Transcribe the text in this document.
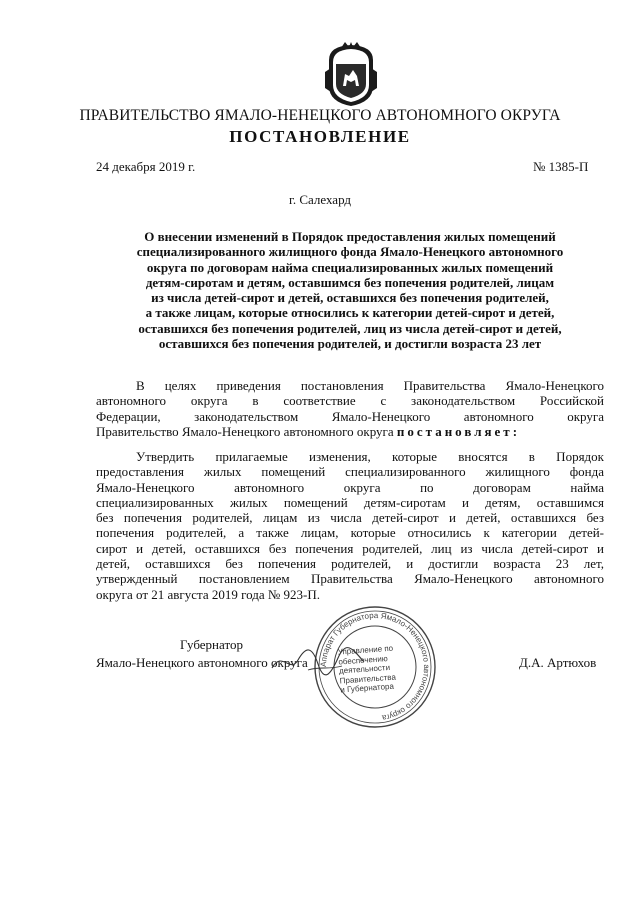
ПРАВИТЕЛЬСТВО ЯМАЛО-НЕНЕЦКОГО АВТОНОМНОГО ОКРУГА
ПОСТАНОВЛЕНИЕ
24 декабря 2019 г.	№ 1385-П
г. Салехард
О внесении изменений в Порядок предоставления жилых помещений
специализированного жилищного фонда Ямало-Ненецкого автономного
округа по договорам найма специализированных жилых помещений
детям-сиротам и детям, оставшимся без попечения родителей, лицам
из числа детей-сирот и детей, оставшихся без попечения родителей,
а также лицам, которые относились к категории детей-сирот и детей,
оставшихся без попечения родителей, лиц из числа детей-сирот и детей,
оставшихся без попечения родителей, и достигли возраста 23 лет
В целях приведения постановления Правительства Ямало-Ненецкого
автономного округа в соответствие с законодательством Российской
Федерации, законодательством Ямало-Ненецкого автономного округа
Правительство Ямало-Ненецкого автономного округа постановляет:
Утвердить прилагаемые изменения, которые вносятся в Порядок
предоставления жилых помещений специализированного жилищного фонда
Ямало-Ненецкого автономного округа по договорам найма
специализированных жилых помещений детям-сиротам и детям, оставшимся
без попечения родителей, лицам из числа детей-сирот и детей, оставшихся без
попечения родителей, а также лицам, которые относились к категории детей-
сирот и детей, оставшихся без попечения родителей, лиц из числа детей-сирот и
детей, оставшихся без попечения родителей, и достигли возраста 23 лет,
утвержденный постановлением Правительства Ямало-Ненецкого автономного
округа от 21 августа 2019 года № 923-П.
Губернатор
Ямало-Ненецкого автономного округа	Д.А. Артюхов
Аппарат Губернатора Ямало-Ненецкого автономного округа
Управление по
обеспечению
деятельности
Правительства
и Губернатора
